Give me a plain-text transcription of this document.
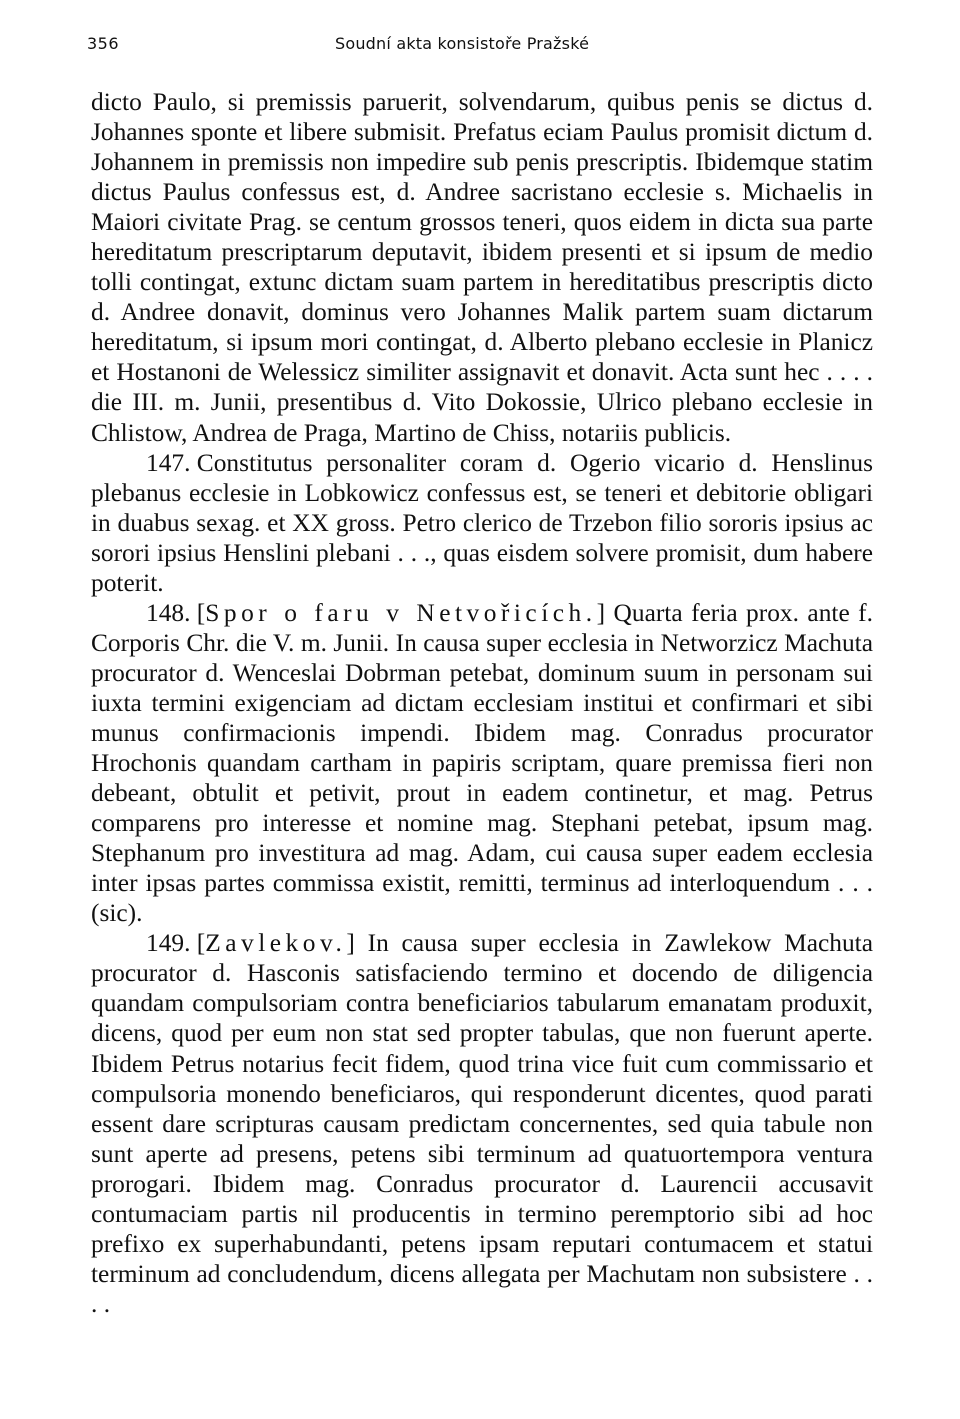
356	Soudní akta konsistoře Pražské

dicto Paulo, si premissis paruerit, solvendarum, quibus penis se dictus d. Johannes sponte et libere submisit. Prefatus eciam Paulus promisit dictum d. Johannem in premissis non impedire sub penis prescriptis. Ibidemque statim dictus Paulus confessus est, d. Andree sacristano ecclesie s. Michaelis in Maiori civitate Prag. se centum grossos teneri, quos eidem in dicta sua parte hereditatum prescriptarum deputavit, ibidem presenti et si ipsum de medio tolli contingat, extunc dictam suam partem in hereditatibus prescriptis dicto d. Andree donavit, dominus vero Johannes Malik partem suam dictarum hereditatum, si ipsum mori contingat, d. Alberto plebano ecclesie in Planicz et Hostanoni de Welessicz similiter assignavit et donavit. Acta sunt hec . . . . die III. m. Junii, presentibus d. Vito Dokossie, Ulrico plebano ecclesie in Chlistow, Andrea de Praga, Martino de Chiss, notariis publicis.

147. Constitutus personaliter coram d. Ogerio vicario d. Henslinus plebanus ecclesie in Lobkowicz confessus est, se teneri et debitorie obligari in duabus sexag. et XX gross. Petro clerico de Trzebon filio sororis ipsius ac sorori ipsius Henslini plebani . . ., quas eisdem solvere promisit, dum habere poterit.

148. [Spor o faru v Netvořicích.] Quarta feria prox. ante f. Corporis Chr. die V. m. Junii. In causa super ecclesia in Networzicz Machuta procurator d. Wenceslai Dobrman petebat, dominum suum in personam sui iuxta termini exigenciam ad dictam ecclesiam institui et confirmari et sibi munus confirmacionis impendi. Ibidem mag. Conradus procurator Hrochonis quandam cartham in papiris scriptam, quare premissa fieri non debeant, obtulit et petivit, prout in eadem continetur, et mag. Petrus comparens pro interesse et nomine mag. Stephani petebat, ipsum mag. Stephanum pro investitura ad mag. Adam, cui causa super eadem ecclesia inter ipsas partes commissa existit, remitti, terminus ad interloquendum . . . (sic).

149. [Zavlekov.] In causa super ecclesia in Zawlekow Machuta procurator d. Hasconis satisfaciendo termino et docendo de diligencia quandam compulsoriam contra beneficiarios tabularum emanatam produxit, dicens, quod per eum non stat sed propter tabulas, que non fuerunt aperte. Ibidem Petrus notarius fecit fidem, quod trina vice fuit cum commissario et compulsoria monendo beneficiaros, qui responderunt dicentes, quod parati essent dare scripturas causam predictam concernentes, sed quia tabule non sunt aperte ad presens, petens sibi terminum ad quatuortempora ventura prorogari. Ibidem mag. Conradus procurator d. Laurencii accusavit contumaciam partis nil producentis in termino peremptorio sibi ad hoc prefixo ex superhabundanti, petens ipsam reputari contumacem et statui terminum ad concludendum, dicens allegata per Machutam non subsistere . . . .
